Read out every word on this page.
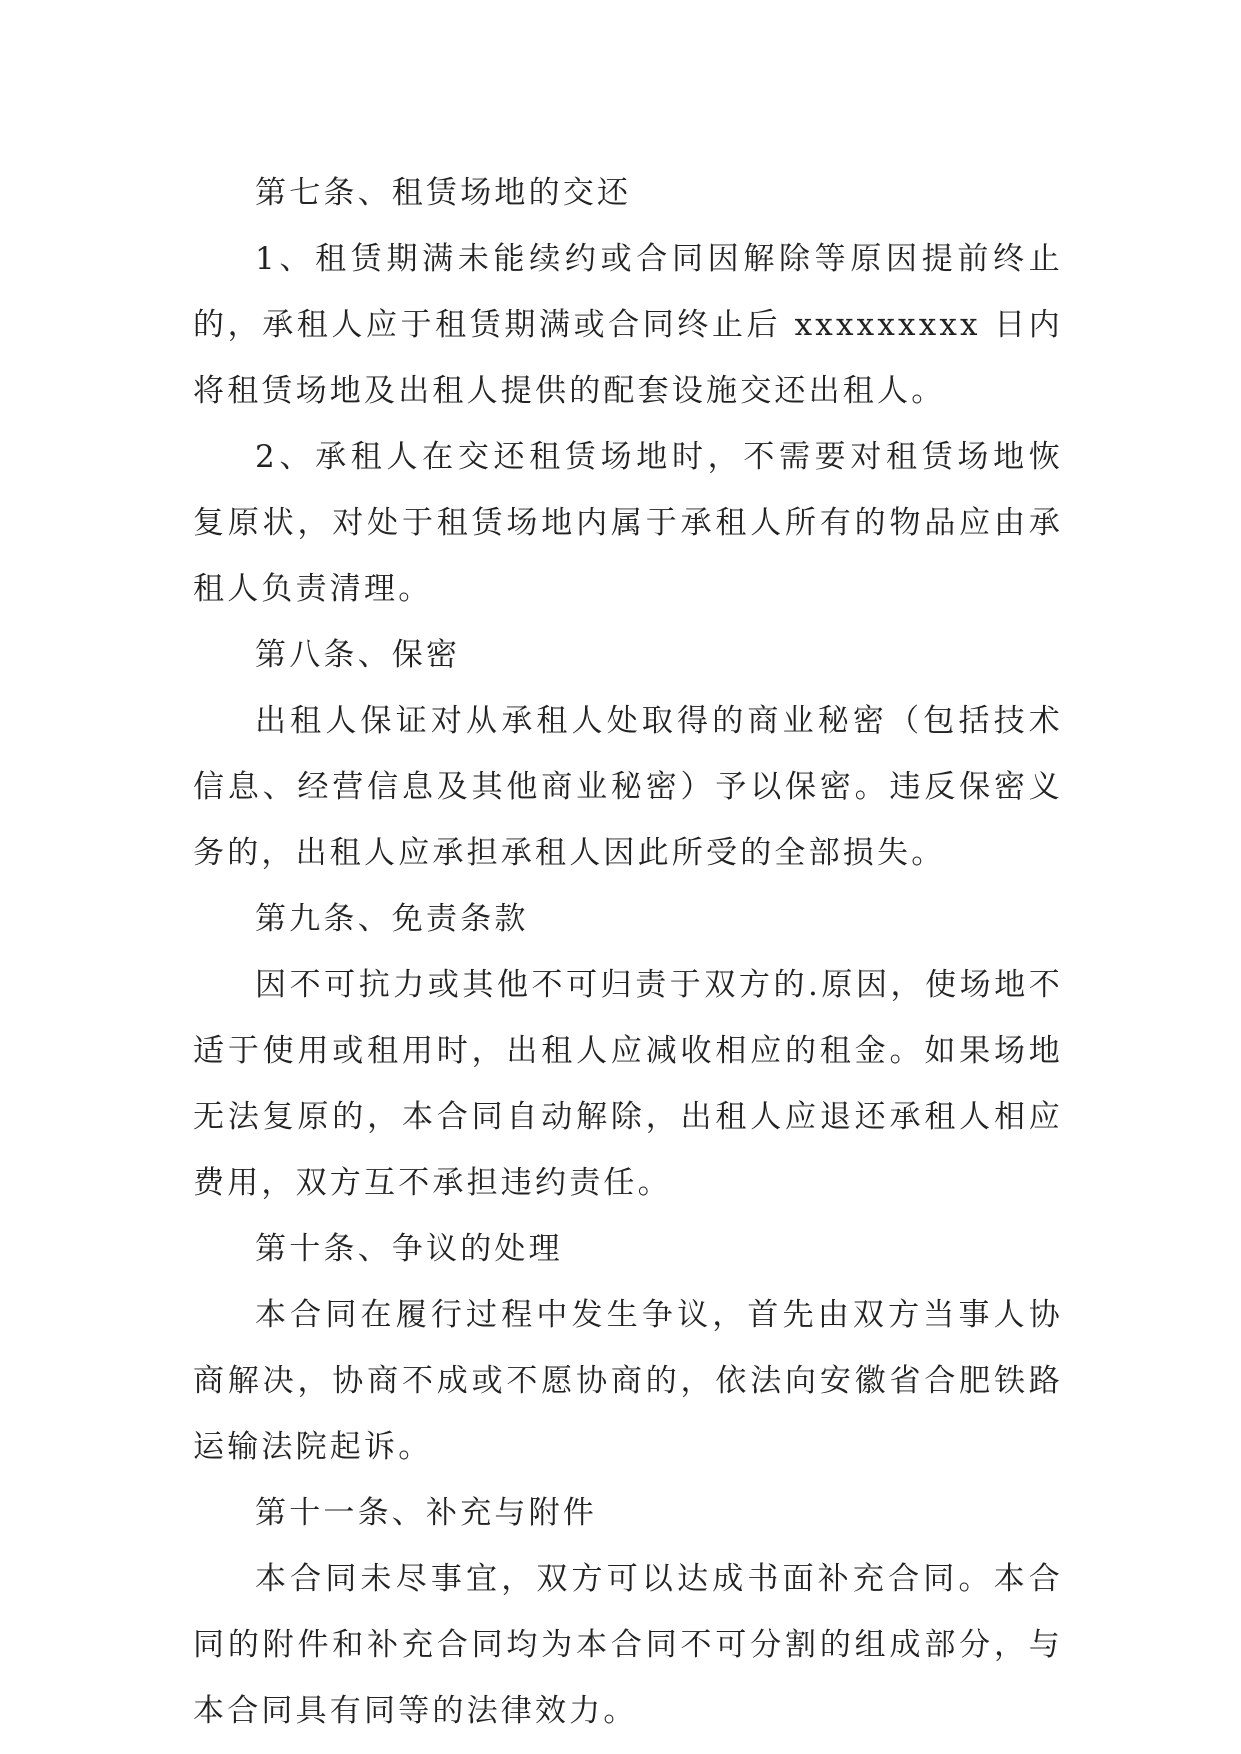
第七条、租赁场地的交还

1、租赁期满未能续约或合同因解除等原因提前终止的，承租人应于租赁期满或合同终止后 xxxxxxxxx 日内将租赁场地及出租人提供的配套设施交还出租人。

2、承租人在交还租赁场地时，不需要对租赁场地恢复原状，对处于租赁场地内属于承租人所有的物品应由承租人负责清理。

第八条、保密

出租人保证对从承租人处取得的商业秘密（包括技术信息、经营信息及其他商业秘密）予以保密。违反保密义务的，出租人应承担承租人因此所受的全部损失。

第九条、免责条款

因不可抗力或其他不可归责于双方的.原因，使场地不适于使用或租用时，出租人应减收相应的租金。如果场地无法复原的，本合同自动解除，出租人应退还承租人相应费用，双方互不承担违约责任。

第十条、争议的处理

本合同在履行过程中发生争议，首先由双方当事人协商解决，协商不成或不愿协商的，依法向安徽省合肥铁路运输法院起诉。

第十一条、补充与附件

本合同未尽事宜，双方可以达成书面补充合同。本合同的附件和补充合同均为本合同不可分割的组成部分，与本合同具有同等的法律效力。
